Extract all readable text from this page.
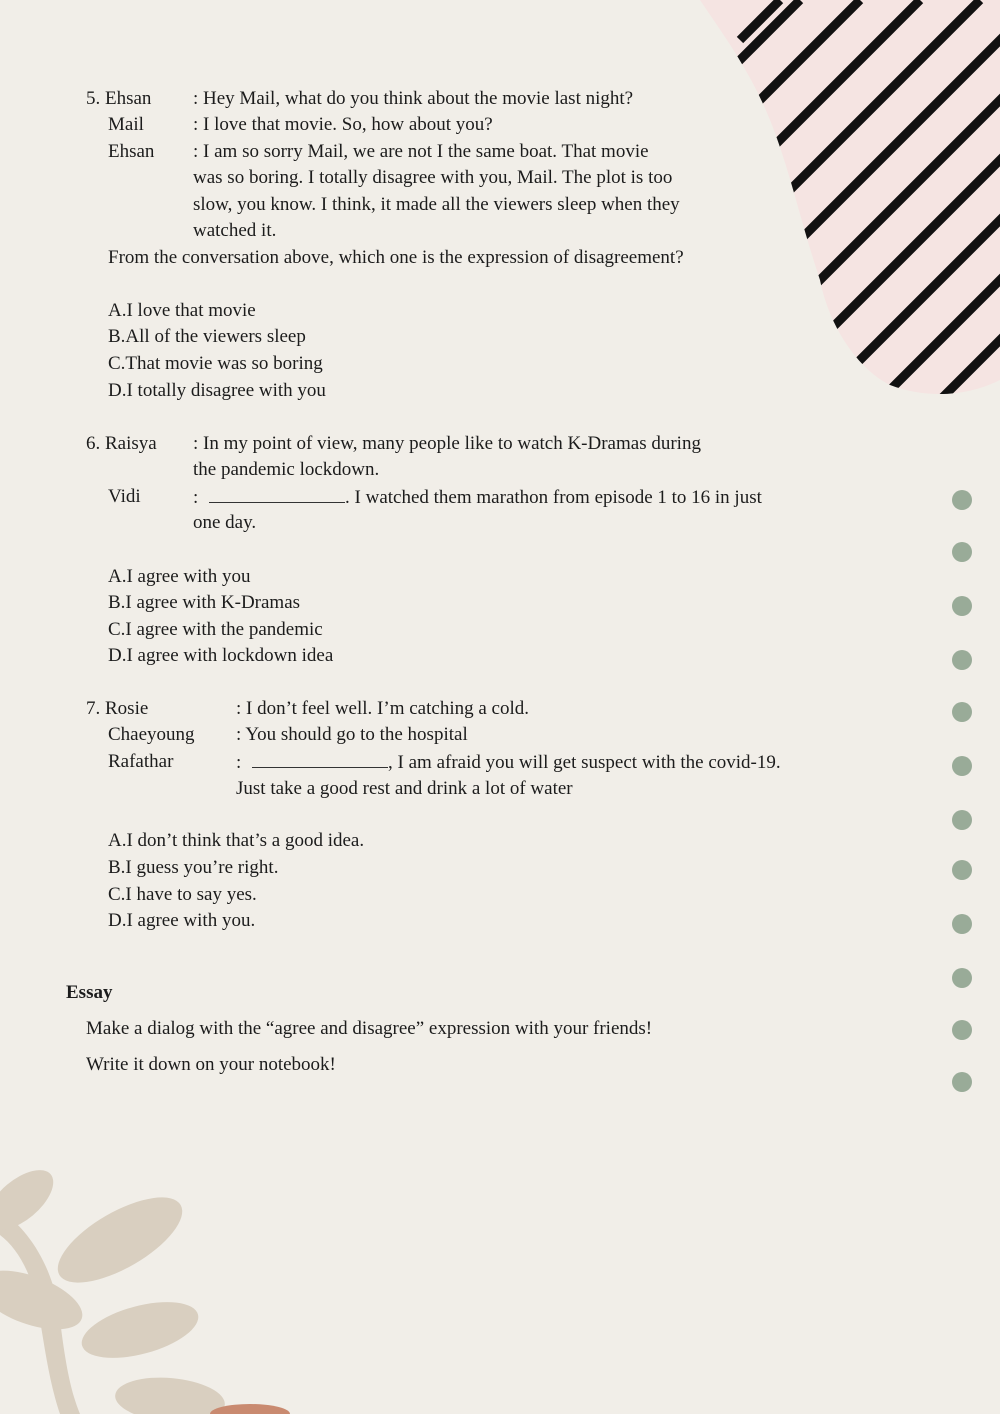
5. Ehsan : Hey Mail, what do you think about the movie last night?
Mail	: I love that movie. So, how about you?
Ehsan : I am so sorry Mail, we are not I the same boat. That movie
was so boring. I totally disagree with you, Mail. The plot is too
slow, you know. I think, it made all the viewers sleep when they
watched it.
From the conversation above, which one is the expression of disagreement?
A.I love that movie
B.All of the viewers sleep
C.That movie was so boring
D.I totally disagree with you
6. Raisya : In my point of view, many people like to watch K-Dramas during
the pandemic lockdown.
Vidi	:	. I watched them marathon from episode 1 to 16 in just
one day.
A.I agree with you
B.I agree with K-Dramas
C.I agree with the pandemic
D.I agree with lockdown idea
7. Rosie	: I don’t feel well. I’m catching a cold.
Chaeyoung : You should go to the hospital
Rafathar	:	, I am afraid you will get suspect with the covid-19.
Just take a good rest and drink a lot of water
A.I don’t think that’s a good idea.
B.I guess you’re right.
C.I have to say yes.
D.I agree with you.
Essay
Make a dialog with the “agree and disagree” expression with your friends!
Write it down on your notebook!
